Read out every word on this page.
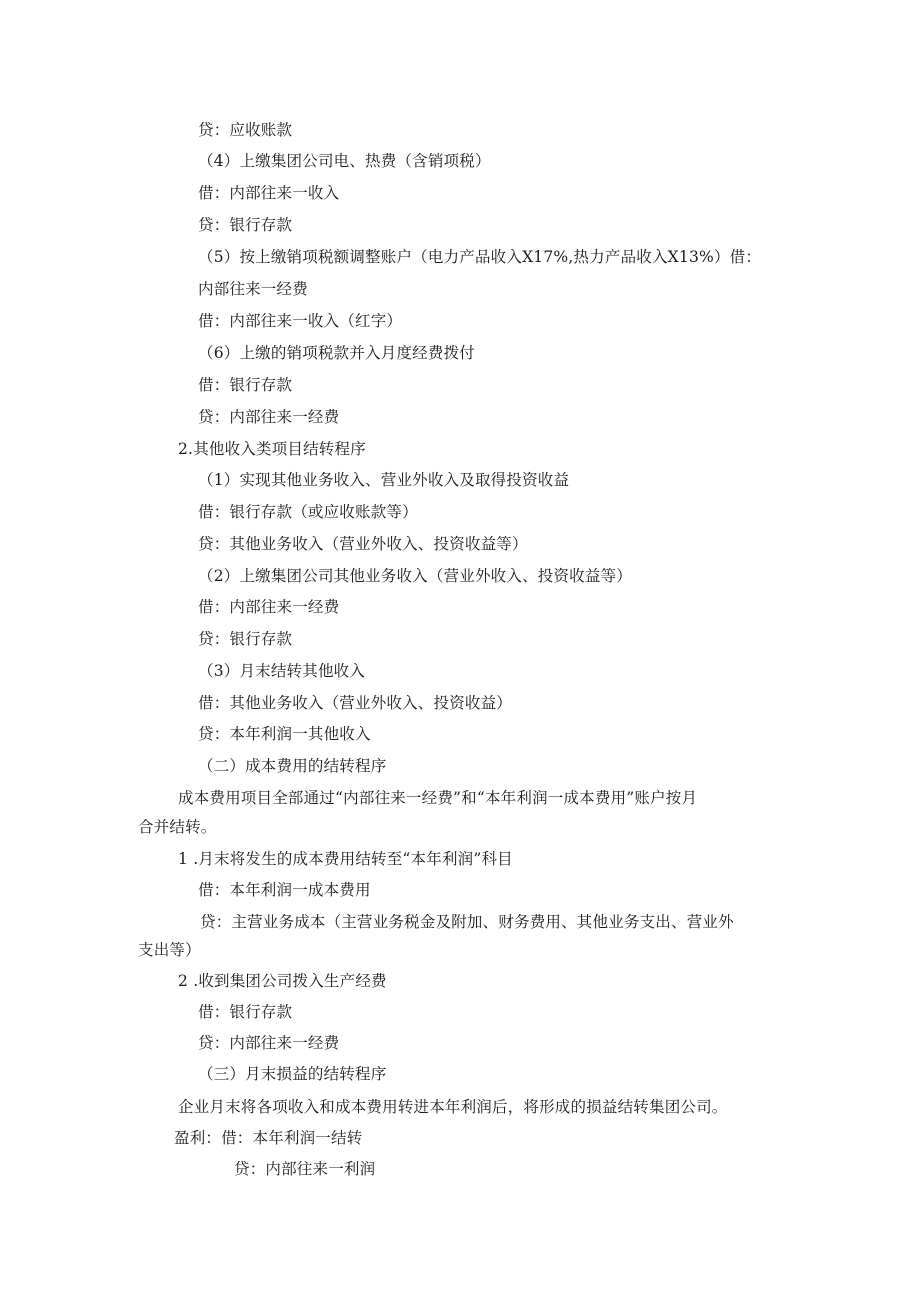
贷：应收账款
（4）上缴集团公司电、热费（含销项税）
借：内部往来一收入
贷：银行存款
（5）按上缴销项税额调整账户（电力产品收入X17%,热力产品收入X13%）借：
内部往来一经费
借：内部往来一收入（红字）
（6）上缴的销项税款并入月度经费拨付
借：银行存款
贷：内部往来一经费
2.其他收入类项目结转程序
（1）实现其他业务收入、营业外收入及取得投资收益
借：银行存款（或应收账款等）
贷：其他业务收入（营业外收入、投资收益等）
（2）上缴集团公司其他业务收入（营业外收入、投资收益等）
借：内部往来一经费
贷：银行存款
（3）月末结转其他收入
借：其他业务收入（营业外收入、投资收益）
贷：本年利润一其他收入
（二）成本费用的结转程序
成本费用项目全部通过“内部往来一经费”和“本年利润一成本费用”账户按月
合并结转。
1 .月末将发生的成本费用结转至“本年利润”科目
借：本年利润一成本费用
贷：主营业务成本（主营业务税金及附加、财务费用、其他业务支出、营业外
支出等）
2 .收到集团公司拨入生产经费
借：银行存款
贷：内部往来一经费
（三）月末损益的结转程序
企业月末将各项收入和成本费用转进本年利润后，将形成的损益结转集团公司。
盈利：借：本年利润一结转
贷：内部往来一利润
